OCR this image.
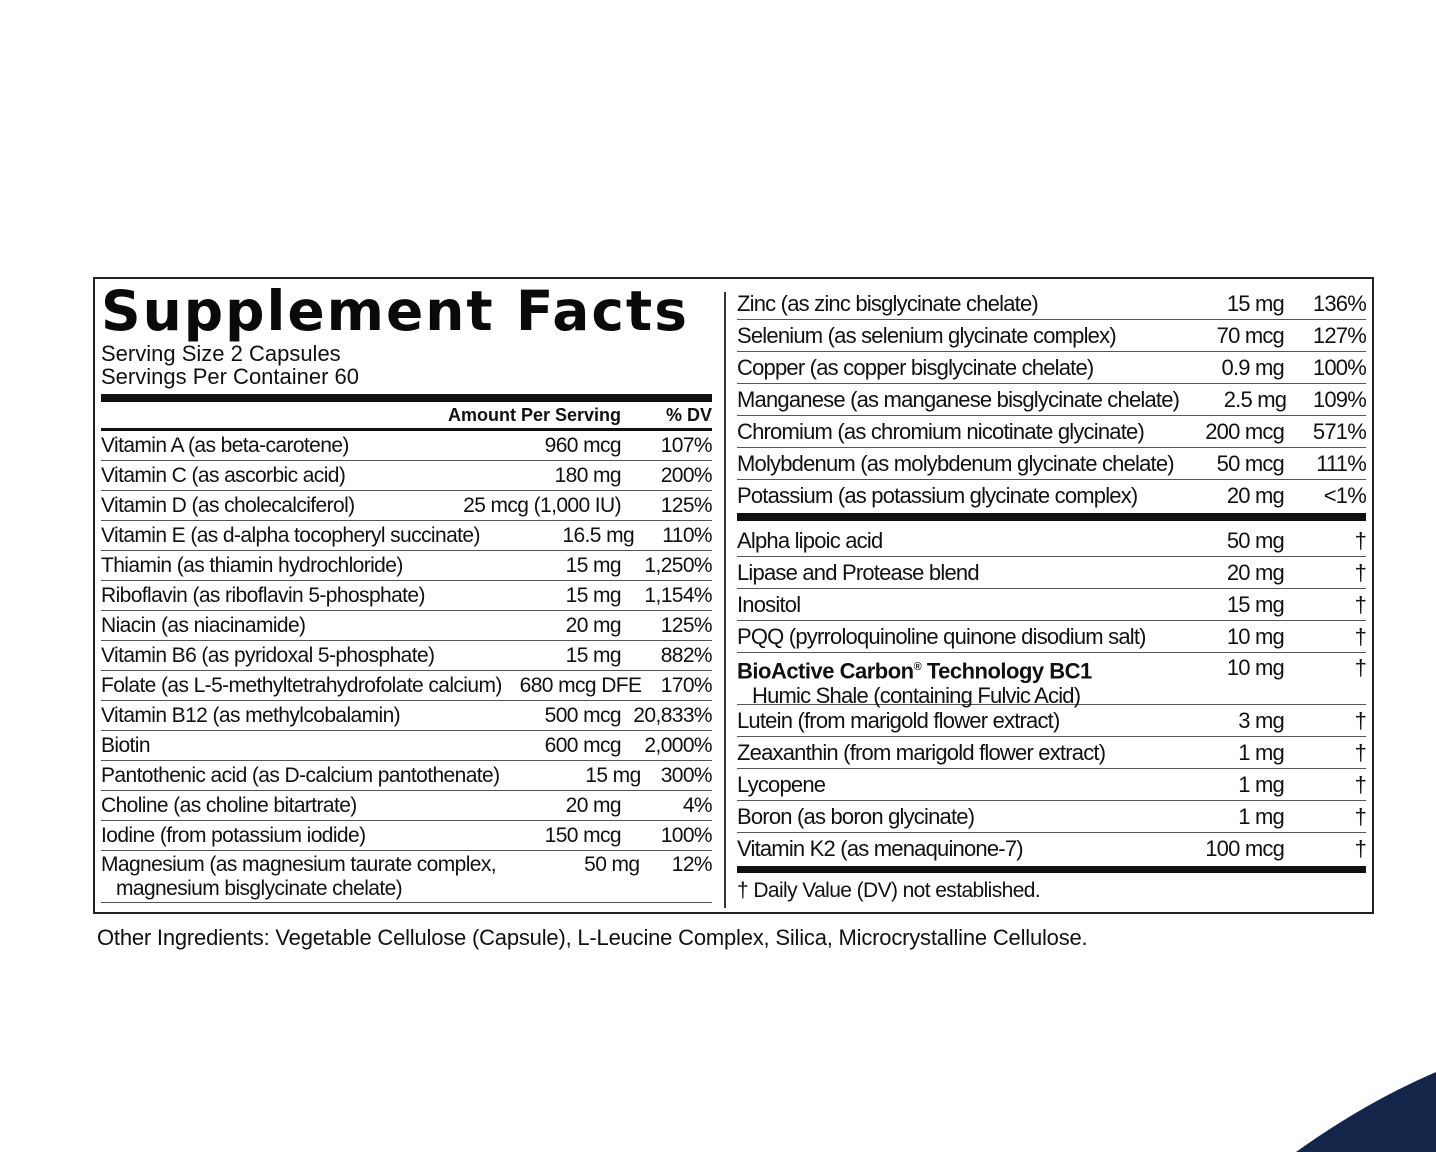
Supplement Facts
Serving Size 2 Capsules
Servings Per Container 60
Amount Per Serving	% DV
Vitamin A (as beta-carotene)	960 mcg	107%
Vitamin C (as ascorbic acid)	180 mg	200%
Vitamin D (as cholecalciferol)	25 mcg (1,000 IU)	125%
Vitamin E (as d-alpha tocopheryl succinate)	16.5 mg	110%
Thiamin (as thiamin hydrochloride)	15 mg	1,250%
Riboflavin (as riboflavin 5-phosphate)	15 mg	1,154%
Niacin (as niacinamide)	20 mg	125%
Vitamin B6 (as pyridoxal 5-phosphate)	15 mg	882%
Folate (as L-5-methyltetrahydrofolate calcium) 680 mcg DFE 170%
Vitamin B12 (as methylcobalamin)	500 mcg 20,833%
Biotin	600 mcg	2,000%
Pantothenic acid (as D-calcium pantothenate)	15 mg 300%
Choline (as choline bitartrate)	20 mg	4%
Iodine (from potassium iodide)	150 mcg	100%
Magnesium (as magnesium taurate complex,
magnesium bisglycinate chelate)
50 mg	12%
Zinc (as zinc bisglycinate chelate)	15 mg	136%
Selenium (as selenium glycinate complex)	70 mcg	127%
Copper (as copper bisglycinate chelate)	0.9 mg	100%
Manganese (as manganese bisglycinate chelate)	2.5 mg	109%
Chromium (as chromium nicotinate glycinate)	200 mcg	571%
Molybdenum (as molybdenum glycinate chelate)	50 mcg	111%
Potassium (as potassium glycinate complex)	20 mg	<1%
Alpha lipoic acid	50 mg	†
Lipase and Protease blend	20 mg	†
Inositol	15 mg	†
PQQ (pyrroloquinoline quinone disodium salt)	10 mg	†
BioActive Carbon® Technology BC1
Humic Shale (containing Fulvic Acid)
10 mg	†
Lutein (from marigold flower extract)	3 mg	†
Zeaxanthin (from marigold flower extract)	1 mg	†
Lycopene	1 mg	†
Boron (as boron glycinate)	1 mg	†
Vitamin K2 (as menaquinone-7)	100 mcg	†
† Daily Value (DV) not established.
Other Ingredients: Vegetable Cellulose (Capsule), L-Leucine Complex, Silica, Microcrystalline Cellulose.
